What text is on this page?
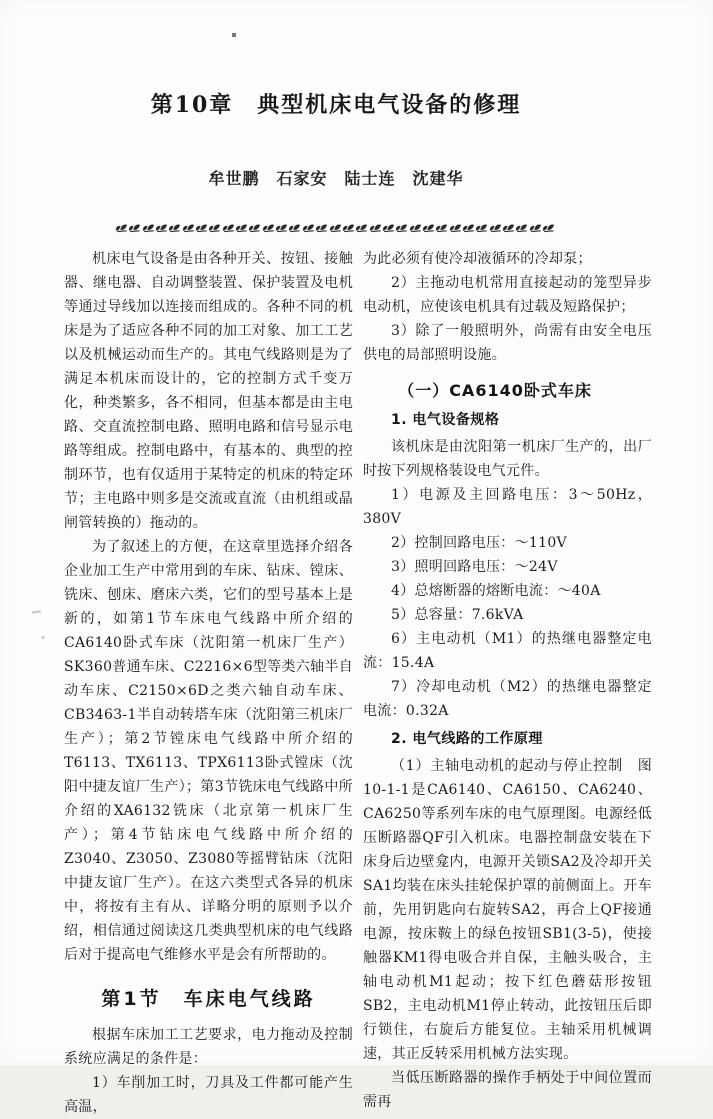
第10章　典型机床电气设备的修理
牟世鹏　石家安　陆士连　沈建华

机床电气设备是由各种开关、按钮、接触器、继电器、自动调整装置、保护装置及电机等通过导线加以连接而组成的。各种不同的机床是为了适应各种不同的加工对象、加工工艺以及机械运动而生产的。其电气线路则是为了满足本机床而设计的，它的控制方式千变万化，种类繁多，各不相同，但基本都是由主电路、交直流控制电路、照明电路和信号显示电路等组成。控制电路中，有基本的、典型的控制环节，也有仅适用于某特定的机床的特定环节；主电路中则多是交流或直流（由机组或晶闸管转换的）拖动的。

为了叙述上的方便，在这章里选择介绍各企业加工生产中常用到的车床、钻床、镗床、铣床、刨床、磨床六类，它们的型号基本上是新的，如第1节车床电气线路中所介绍的CA6140卧式车床（沈阳第一机床厂生产）SK360普通车床、C2216×6型等类六轴半自动车床、C2150×6D之类六轴自动车床、CB3463-1半自动转塔车床（沈阳第三机床厂生产）；第2节镗床电气线路中所介绍的T6113、TX6113、TPX6113卧式镗床（沈阳中捷友谊厂生产）；第3节铣床电气线路中所介绍的XA6132铣床（北京第一机床厂生产）；第4节钻床电气线路中所介绍的Z3040、Z3050、Z3080等摇臂钻床（沈阳中捷友谊厂生产）。在这六类型式各异的机床中，将按有主有从、详略分明的原则予以介绍，相信通过阅读这几类典型机床的电气线路后对于提高电气维修水平是会有所帮助的。

第1节　车床电气线路

根据车床加工工艺要求，电力拖动及控制系统应满足的条件是：

1）车削加工时，刀具及工件都可能产生高温，

为此必须有使冷却液循环的冷却泵；

2）主拖动电机常用直接起动的笼型异步电动机，应使该电机具有过载及短路保护；

3）除了一般照明外，尚需有由安全电压供电的局部照明设施。

（一）CA6140卧式车床
1. 电气设备规格

该机床是由沈阳第一机床厂生产的，出厂时按下列规格装设电气元件。

1）电源及主回路电压：3～50Hz，380V

2）控制回路电压：～110V

3）照明回路电压：～24V

4）总熔断器的熔断电流：～40A

5）总容量：7.6kVA

6）主电动机（M1）的热继电器整定电流：15.4A

7）冷却电动机（M2）的热继电器整定电流：0.32A

2. 电气线路的工作原理

（1）主轴电动机的起动与停止控制　图10-1-1是CA6140、CA6150、CA6240、CA6250等系列车床的电气原理图。电源经低压断路器QF引入机床。电器控制盘安装在下床身后边壁龛内，电源开关锁SA2及冷却开关SA1均装在床头挂轮保护罩的前侧面上。开车前，先用钥匙向右旋转SA2，再合上QF接通电源，按床鞍上的绿色按钮SB1(3-5)，使接触器KM1得电吸合并自保，主触头吸合，主轴电动机M1起动；按下红色蘑菇形按钮SB2，主电动机M1停止转动，此按钮压后即行锁住，右旋后方能复位。主轴采用机械调速，其正反转采用机械方法实现。

当低压断路器的操作手柄处于中间位置而需再
